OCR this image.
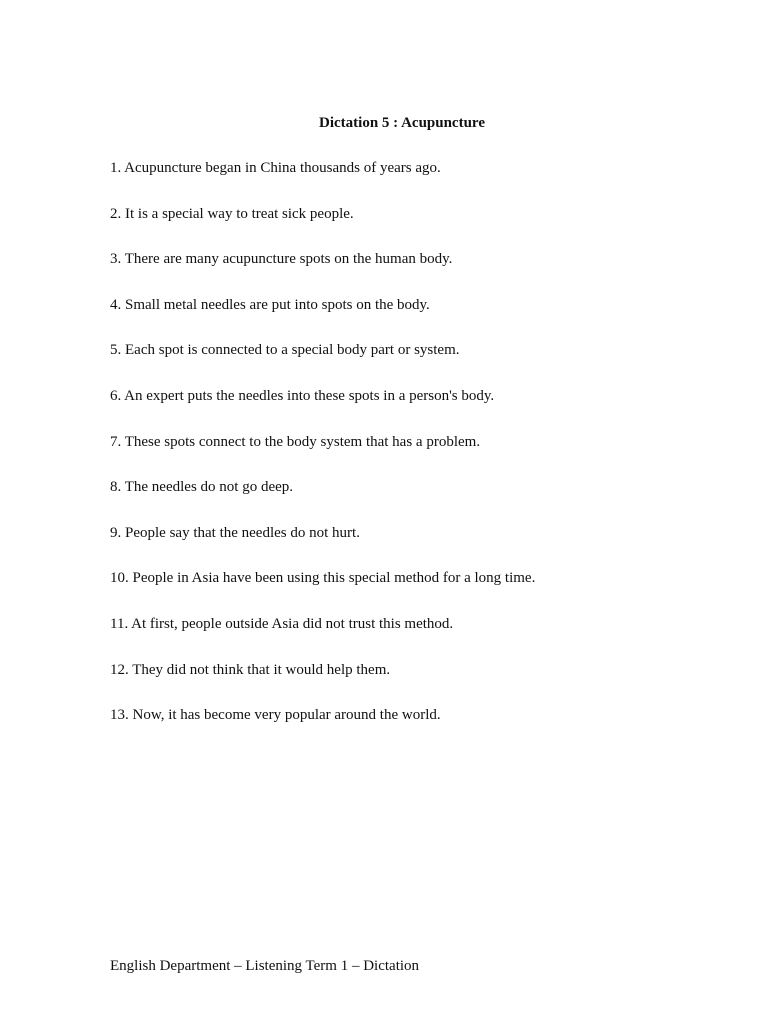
Dictation 5 : Acupuncture
1. Acupuncture began in China thousands of years ago.
2. It is a special way to treat sick people.
3. There are many acupuncture spots on the human body.
4. Small metal needles are put into spots on the body.
5. Each spot is connected to a special body part or system.
6. An expert puts the needles into these spots in a person's body.
7. These spots connect to the body system that has a problem.
8. The needles do not go deep.
9. People say that the needles do not hurt.
10. People in Asia have been using this special method for a long time.
11. At first, people outside Asia did not trust this method.
12. They did not think that it would help them.
13. Now, it has become very popular around the world.
English Department – Listening Term 1 – Dictation
